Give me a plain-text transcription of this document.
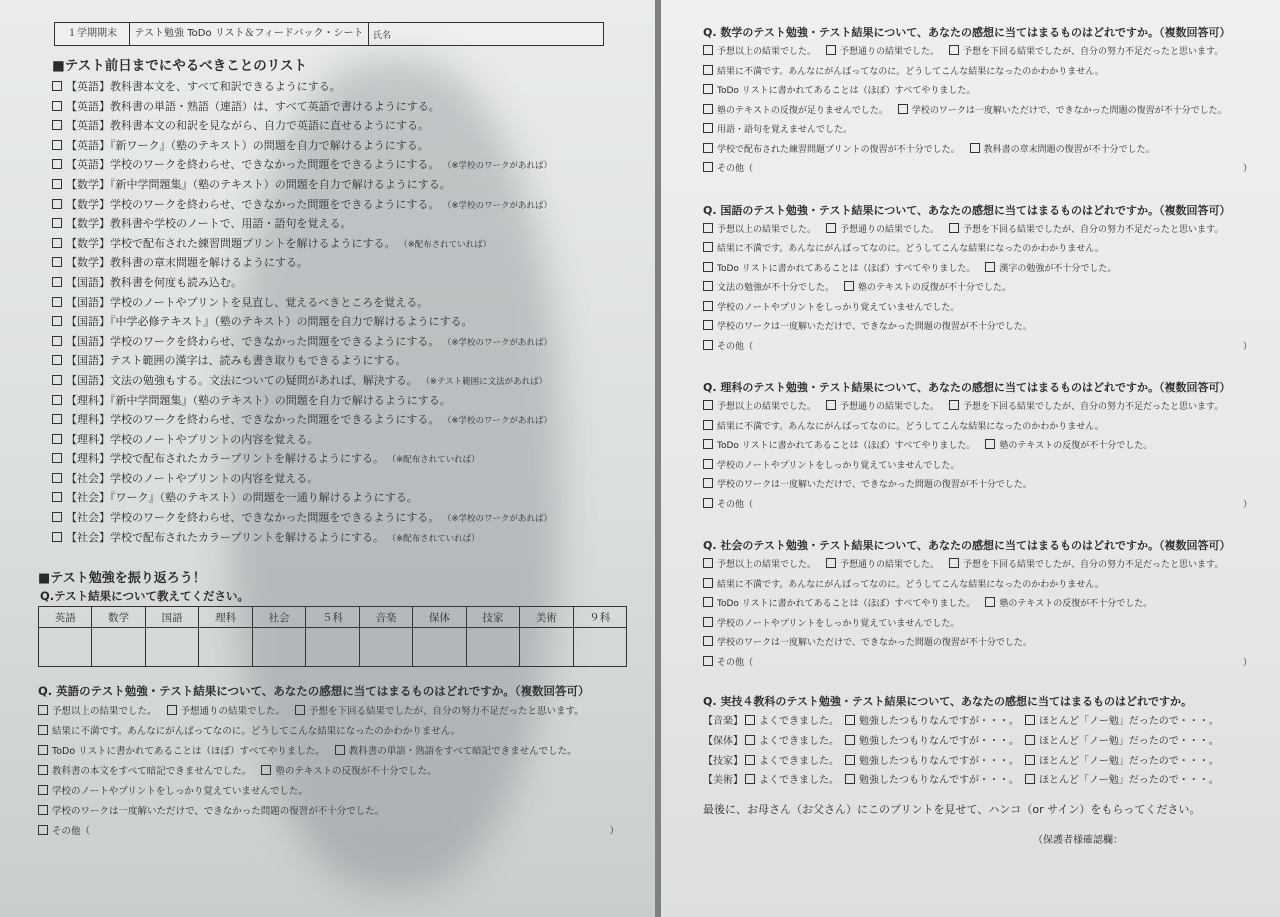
１学期期末	テスト勉強 ToDo リスト＆フィードバック・シート	氏名
■テスト前日までにやるべきことのリスト
【英語】教科書本文を、すべて和訳できるようにする。
【英語】教科書の単語・熟語（連語）は、すべて英語で書けるようにする。
【英語】教科書本文の和訳を見ながら、自力で英語に直せるようにする。
【英語】『新ワーク』（塾のテキスト）の問題を自力で解けるようにする。
【英語】学校のワークを終わらせ、できなかった問題をできるようにする。 （※学校のワークがあれば）
【数学】『新中学問題集』（塾のテキスト）の問題を自力で解けるようにする。
【数学】学校のワークを終わらせ、できなかった問題をできるようにする。 （※学校のワークがあれば）
【数学】教科書や学校のノートで、用語・語句を覚える。
【数学】学校で配布された練習問題プリントを解けるようにする。 （※配布されていれば）
【数学】教科書の章末問題を解けるようにする。
【国語】教科書を何度も読み込む。
【国語】学校のノートやプリントを見直し、覚えるべきところを覚える。
【国語】『中学必修テキスト』（塾のテキスト）の問題を自力で解けるようにする。
【国語】学校のワークを終わらせ、できなかった問題をできるようにする。 （※学校のワークがあれば）
【国語】テスト範囲の漢字は、読みも書き取りもできるようにする。
【国語】文法の勉強もする。文法についての疑問があれば、解決する。 （※テスト範囲に文法があれば）
【理科】『新中学問題集』（塾のテキスト）の問題を自力で解けるようにする。
【理科】学校のワークを終わらせ、できなかった問題をできるようにする。 （※学校のワークがあれば）
【理科】学校のノートやプリントの内容を覚える。
【理科】学校で配布されたカラープリントを解けるようにする。 （※配布されていれば）
【社会】学校のノートやプリントの内容を覚える。
【社会】『ワーク』（塾のテキスト）の問題を一通り解けるようにする。
【社会】学校のワークを終わらせ、できなかった問題をできるようにする。 （※学校のワークがあれば）
【社会】学校で配布されたカラープリントを解けるようにする。 （※配布されていれば）
■テスト勉強を振り返ろう！
Q.テスト結果について教えてください。
英語	数学	国語	理科	社会	５科	音楽	保体	技家	美術	９科

Q. 英語のテスト勉強・テスト結果について、あなたの感想に当てはまるものはどれですか。（複数回答可）
予想以上の結果でした。	予想通りの結果でした。	予想を下回る結果でしたが、自分の努力不足だったと思います。
結果に不満です。あんなにがんばってなのに。どうしてこんな結果になったのかわかりません。
ToDo リストに書かれてあることは（ほぼ）すべてやりました。	教科書の単語・熟語をすべて暗記できませんでした。
教科書の本文をすべて暗記できませんでした。	塾のテキストの反復が不十分でした。
学校のノートやプリントをしっかり覚えていませんでした。
学校のワークは一度解いただけで、できなかった問題の復習が不十分でした。
その他（	）
Q. 数学のテスト勉強・テスト結果について、あなたの感想に当てはまるものはどれですか。（複数回答可）
予想以上の結果でした。	予想通りの結果でした。	予想を下回る結果でしたが、自分の努力不足だったと思います。
結果に不満です。あんなにがんばってなのに。どうしてこんな結果になったのかわかりません。
ToDo リストに書かれてあることは（ほぼ）すべてやりました。
塾のテキストの反復が足りませんでした。	学校のワークは一度解いただけで、できなかった問題の復習が不十分でした。
用語・語句を覚えませんでした。
学校で配布された練習問題プリントの復習が不十分でした。	教科書の章末問題の復習が不十分でした。
その他（	）
Q. 国語のテスト勉強・テスト結果について、あなたの感想に当てはまるものはどれですか。（複数回答可）
予想以上の結果でした。	予想通りの結果でした。	予想を下回る結果でしたが、自分の努力不足だったと思います。
結果に不満です。あんなにがんばってなのに。どうしてこんな結果になったのかわかりません。
ToDo リストに書かれてあることは（ほぼ）すべてやりました。	漢字の勉強が不十分でした。
文法の勉強が不十分でした。	塾のテキストの反復が不十分でした。
学校のノートやプリントをしっかり覚えていませんでした。
学校のワークは一度解いただけで、できなかった問題の復習が不十分でした。
その他（	）
Q. 理科のテスト勉強・テスト結果について、あなたの感想に当てはまるものはどれですか。（複数回答可）
予想以上の結果でした。	予想通りの結果でした。	予想を下回る結果でしたが、自分の努力不足だったと思います。
結果に不満です。あんなにがんばってなのに。どうしてこんな結果になったのかわかりません。
ToDo リストに書かれてあることは（ほぼ）すべてやりました。	塾のテキストの反復が不十分でした。
学校のノートやプリントをしっかり覚えていませんでした。
学校のワークは一度解いただけで、できなかった問題の復習が不十分でした。
その他（	）
Q. 社会のテスト勉強・テスト結果について、あなたの感想に当てはまるものはどれですか。（複数回答可）
予想以上の結果でした。	予想通りの結果でした。	予想を下回る結果でしたが、自分の努力不足だったと思います。
結果に不満です。あんなにがんばってなのに。どうしてこんな結果になったのかわかりません。
ToDo リストに書かれてあることは（ほぼ）すべてやりました。	塾のテキストの反復が不十分でした。
学校のノートやプリントをしっかり覚えていませんでした。
学校のワークは一度解いただけで、できなかった問題の復習が不十分でした。
その他（	）
Q. 実技４教科のテスト勉強・テスト結果について、あなたの感想に当てはまるものはどれですか。
【音楽】 よくできました。 勉強したつもりなんですが・・・。 ほとんど「ノー勉」だったので・・・。
【保体】 よくできました。 勉強したつもりなんですが・・・。 ほとんど「ノー勉」だったので・・・。
【技家】 よくできました。 勉強したつもりなんですが・・・。 ほとんど「ノー勉」だったので・・・。
【美術】 よくできました。 勉強したつもりなんですが・・・。 ほとんど「ノー勉」だったので・・・。
最後に、お母さん（お父さん）にこのプリントを見せて、ハンコ（or サイン）をもらってください。
（保護者様確認欄：
